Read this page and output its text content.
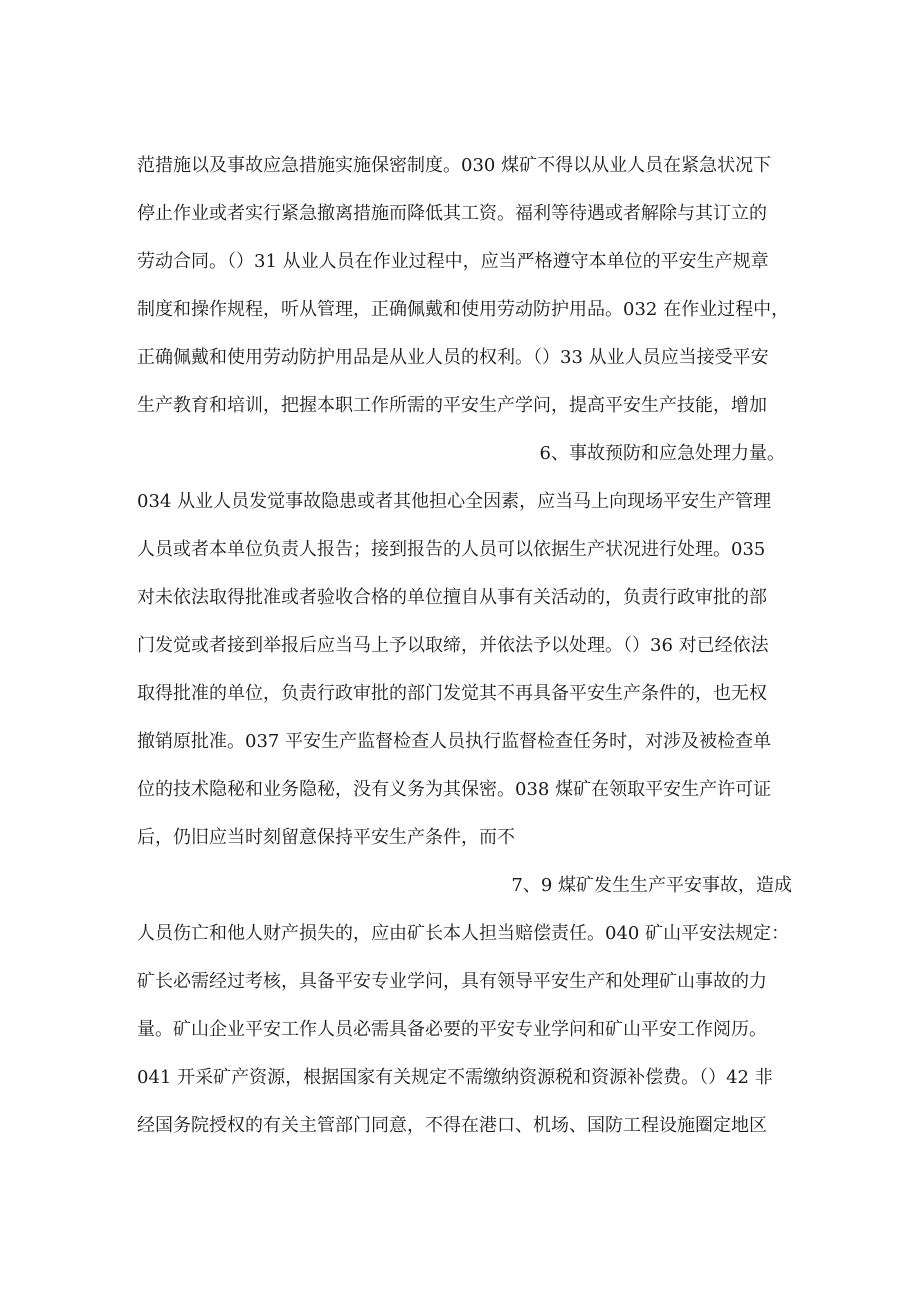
范措施以及事故应急措施实施保密制度。030 煤矿不得以从业人员在紧急状况下
停止作业或者实行紧急撤离措施而降低其工资。福利等待遇或者解除与其订立的
劳动合同。（）31 从业人员在作业过程中，应当严格遵守本单位的平安生产规章
制度和操作规程，听从管理，正确佩戴和使用劳动防护用品。032 在作业过程中，
正确佩戴和使用劳动防护用品是从业人员的权利。（）33 从业人员应当接受平安
生产教育和培训，把握本职工作所需的平安生产学问，提高平安生产技能，增加
6、事故预防和应急处理力量。
034 从业人员发觉事故隐患或者其他担心全因素，应当马上向现场平安生产管理
人员或者本单位负责人报告；接到报告的人员可以依据生产状况进行处理。035
对未依法取得批准或者验收合格的单位擅自从事有关活动的，负责行政审批的部
门发觉或者接到举报后应当马上予以取缔，并依法予以处理。（）36 对已经依法
取得批准的单位，负责行政审批的部门发觉其不再具备平安生产条件的，也无权
撤销原批准。037 平安生产监督检查人员执行监督检查任务时，对涉及被检查单
位的技术隐秘和业务隐秘，没有义务为其保密。038 煤矿在领取平安生产许可证
后，仍旧应当时刻留意保持平安生产条件，而不
7、9 煤矿发生生产平安事故，造成
人员伤亡和他人财产损失的，应由矿长本人担当赔偿责任。040 矿山平安法规定：
矿长必需经过考核，具备平安专业学问，具有领导平安生产和处理矿山事故的力
量。矿山企业平安工作人员必需具备必要的平安专业学问和矿山平安工作阅历。
041 开采矿产资源，根据国家有关规定不需缴纳资源税和资源补偿费。（）42 非
经国务院授权的有关主管部门同意，不得在港口、机场、国防工程设施圈定地区
